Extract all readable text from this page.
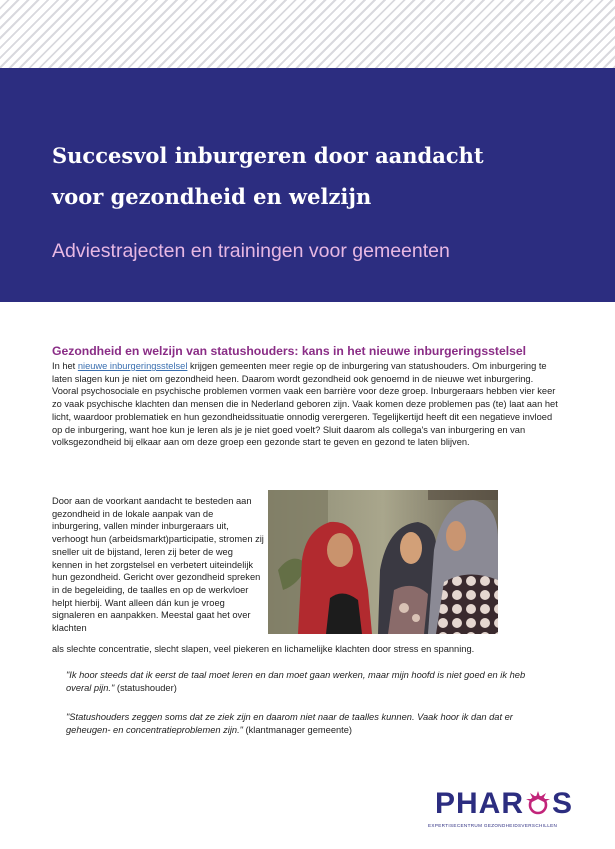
Succesvol inburgeren door aandacht
voor gezondheid en welzijn
Adviestrajecten en trainingen voor gemeenten
Gezondheid en welzijn van statushouders: kans in het nieuwe inburgeringsstelsel

In het nieuwe inburgeringsstelsel krijgen gemeenten meer regie op de inburgering van statushouders. Om inburgering te laten slagen kun je niet om gezondheid heen. Daarom wordt gezondheid ook genoemd in de nieuwe wet inburgering. Vooral psychosociale en psychische problemen vormen vaak een barrière voor deze groep. Inburgeraars hebben vier keer zo vaak psychische klachten dan mensen die in Nederland geboren zijn. Vaak komen deze problemen pas (te) laat aan het licht, waardoor problematiek en hun gezondheidssituatie onnodig verergeren. Tegelijkertijd heeft dit een negatieve invloed op de inburgering, want hoe kun je leren als je je niet goed voelt? Sluit daarom als collega's van inburgering en van volksgezondheid bij elkaar aan om deze groep een gezonde start te geven en gezond te laten blijven.

Door aan de voorkant aandacht te besteden aan gezondheid in de lokale aanpak van de inburgering, vallen minder inburgeraars uit, verhoogt hun (arbeidsmarkt)participatie, stromen zij sneller uit de bijstand, leren zij beter de weg kennen in het zorgstelsel en verbetert uiteindelijk hun gezondheid. Gericht over gezondheid spreken in de begeleiding, de taalles en op de werkvloer helpt hierbij. Want alleen dán kun je vroeg signaleren en aanpakken. Meestal gaat het over klachten

als slechte concentratie, slecht slapen, veel piekeren en lichamelijke klachten door stress en spanning.

"Ik hoor steeds dat ik eerst de taal moet leren en dan moet gaan werken, maar mijn hoofd is niet goed en ik heb overal pijn." (statushouder)

"Statushouders zeggen soms dat ze ziek zijn en daarom niet naar de taalles kunnen. Vaak hoor ik dan dat er geheugen- en concentratieproblemen zijn." (klantmanager gemeente)

PHAR S
EXPERTISECENTRUM GEZONDHEIDSVERSCHILLEN
